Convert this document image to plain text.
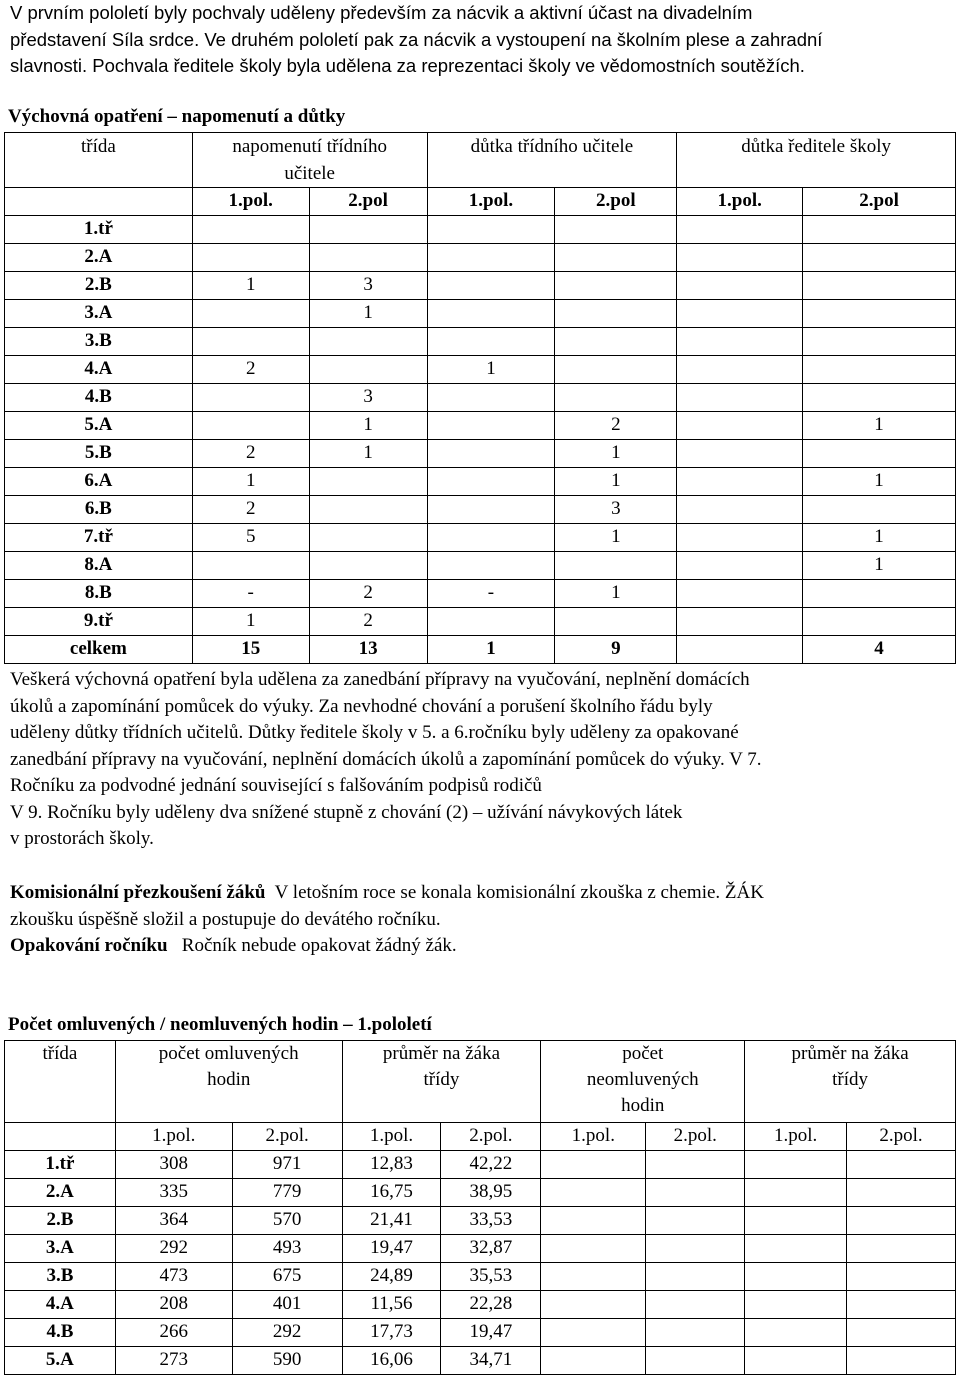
V prvním pololetí byly pochvaly uděleny především za nácvik a aktivní účast na divadelním
představení Síla srdce. Ve druhém pololetí pak za nácvik a vystoupení na školním plese a zahradní
slavnosti. Pochvala ředitele školy byla udělena za reprezentaci školy ve vědomostních soutěžích.
Výchovná opatření – napomenutí a důtky
třída	napomenutí třídního
učitele		důtka třídního učitele		důtka ředitele školy	
	1.pol.	2.pol	1.pol.	2.pol	1.pol.	2.pol
1.tř						
2.A						
2.B	1	3				
3.A		1				
3.B						
4.A	2		1			
4.B		3				
5.A		1		2		1
5.B	2	1		1		
6.A	1			1		1
6.B	2			3		
7.tř	5			1		1
8.A						1
8.B	-	2	-	1		
9.tř	1	2				
celkem	15	13	1	9		4
Veškerá výchovná opatření byla udělena za zanedbání přípravy na vyučování, neplnění domácích
úkolů a zapomínání pomůcek do výuky. Za nevhodné chování a porušení školního řádu byly
uděleny důtky třídních učitelů. Důtky ředitele školy v 5. a 6.ročníku byly uděleny za opakované
zanedbání přípravy na vyučování, neplnění domácích úkolů a zapomínání pomůcek do výuky. V 7.
Ročníku za podvodné jednání související s falšováním podpisů rodičů
V 9. Ročníku byly uděleny dva snížené stupně z chování (2) – užívání návykových látek
v prostorách školy.
Komisionální přezkoušení žáků  V letošním roce se konala komisionální zkouška z chemie. ŽÁK
zkoušku úspěšně složil a postupuje do devátého ročníku.
Opakování ročníku   Ročník nebude opakovat žádný žák.
Počet omluvených / neomluvených hodin – 1.pololetí
třída	počet omluvených
hodin		průměr na žáka
třídy		počet
neomluvených
hodin		průměr na žáka
třídy	
	1.pol.	2.pol.	1.pol.	2.pol.	1.pol.	2.pol.	1.pol.	2.pol.
1.tř	308	971	12,83	42,22				
2.A	335	779	16,75	38,95				
2.B	364	570	21,41	33,53				
3.A	292	493	19,47	32,87				
3.B	473	675	24,89	35,53				
4.A	208	401	11,56	22,28				
4.B	266	292	17,73	19,47				
5.A	273	590	16,06	34,71				
